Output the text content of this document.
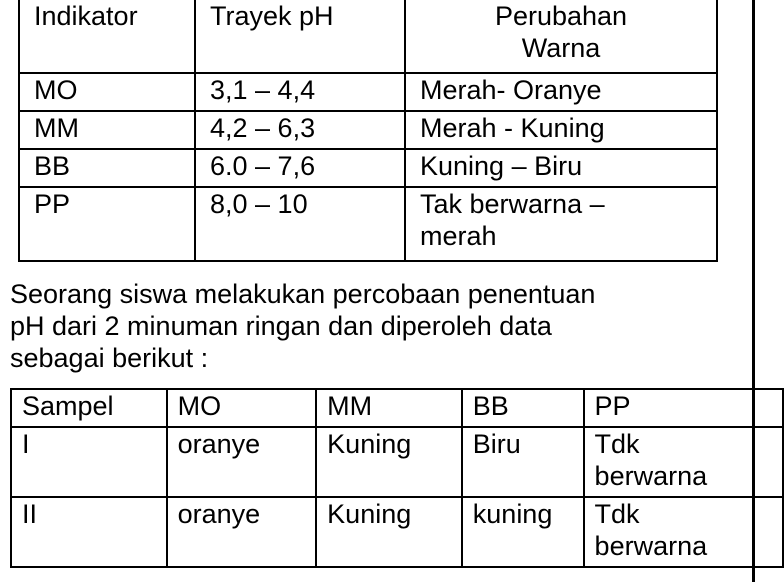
Indikator	Trayek pH	Perubahan
Warna

MO	3,1 – 4,4	Merah- Oranye
MM	4,2 – 6,3	Merah - Kuning
BB	6.0 – 7,6	Kuning – Biru
PP	8,0 – 10	Tak berwarna –
merah
Seorang siswa melakukan percobaan penentuan
pH dari 2 minuman ringan dan diperoleh data
sebagai berikut :
Sampel	MO	MM	BB	PP
I	oranye	Kuning	Biru	Tdk
berwarna

II	oranye	Kuning	kuning	Tdk
berwarna
